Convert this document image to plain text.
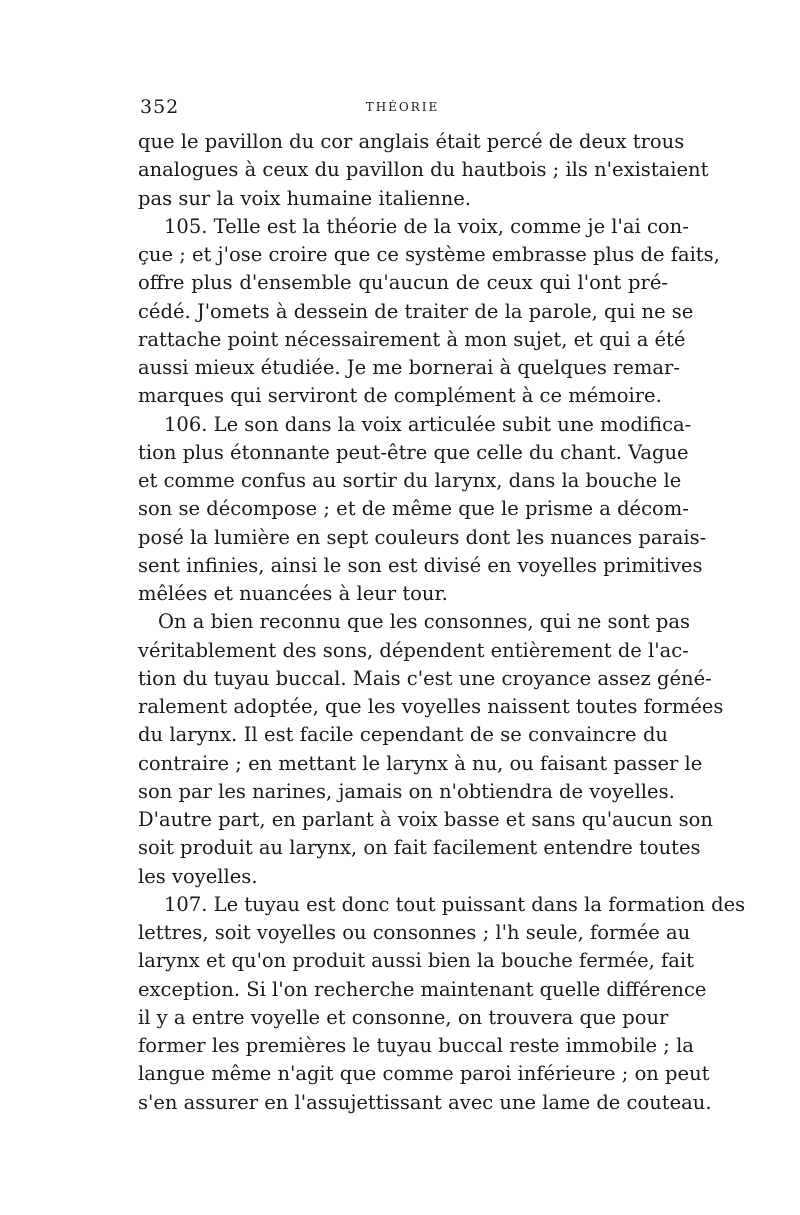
352	THÉORIE
que le pavillon du cor anglais était percé de deux trous
analogues à ceux du pavillon du hautbois ; ils n'existaient
pas sur la voix humaine italienne.
105. Telle est la théorie de la voix, comme je l'ai con-
çue ; et j'ose croire que ce système embrasse plus de faits,
offre plus d'ensemble qu'aucun de ceux qui l'ont pré-
cédé. J'omets à dessein de traiter de la parole, qui ne se
rattache point nécessairement à mon sujet, et qui a été
aussi mieux étudiée. Je me bornerai à quelques remar-
marques qui serviront de complément à ce mémoire.
106. Le son dans la voix articulée subit une modifica-
tion plus étonnante peut-être que celle du chant. Vague
et comme confus au sortir du larynx, dans la bouche le
son se décompose ; et de même que le prisme a décom-
posé la lumière en sept couleurs dont les nuances parais-
sent infinies, ainsi le son est divisé en voyelles primitives
mêlées et nuancées à leur tour.
On a bien reconnu que les consonnes, qui ne sont pas
véritablement des sons, dépendent entièrement de l'ac-
tion du tuyau buccal. Mais c'est une croyance assez géné-
ralement adoptée, que les voyelles naissent toutes formées
du larynx. Il est facile cependant de se convaincre du
contraire ; en mettant le larynx à nu, ou faisant passer le
son par les narines, jamais on n'obtiendra de voyelles.
D'autre part, en parlant à voix basse et sans qu'aucun son
soit produit au larynx, on fait facilement entendre toutes
les voyelles.
107. Le tuyau est donc tout puissant dans la formation des
lettres, soit voyelles ou consonnes ; l'h seule, formée au
larynx et qu'on produit aussi bien la bouche fermée, fait
exception. Si l'on recherche maintenant quelle différence
il y a entre voyelle et consonne, on trouvera que pour
former les premières le tuyau buccal reste immobile ; la
langue même n'agit que comme paroi inférieure ; on peut
s'en assurer en l'assujettissant avec une lame de couteau.
